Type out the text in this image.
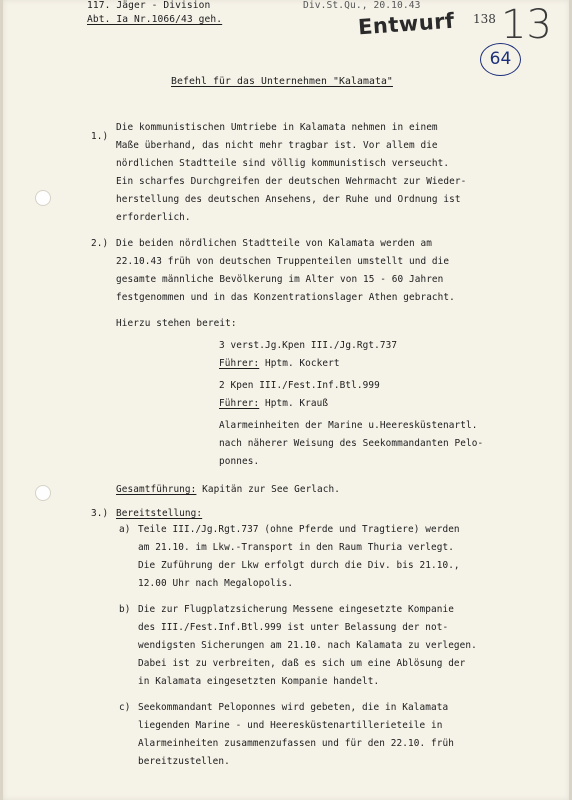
117. Jäger - Division
Abt. Ia Nr.1066/43 geh.
Div.St.Qu., 20.10.43
Entwurf 138 13
64
Befehl für das Unternehmen "Kalamata"
1.)
Die kommunistischen Umtriebe in Kalamata nehmen in einem
Maße überhand, das nicht mehr tragbar ist. Vor allem die
nördlichen Stadtteile sind völlig kommunistisch verseucht.
Ein scharfes Durchgreifen der deutschen Wehrmacht zur Wieder-
herstellung des deutschen Ansehens, der Ruhe und Ordnung ist
erforderlich.
2.) Die beiden nördlichen Stadtteile von Kalamata werden am
22.10.43 früh von deutschen Truppenteilen umstellt und die
gesamte männliche Bevölkerung im Alter von 15 - 60 Jahren
festgenommen und in das Konzentrationslager Athen gebracht.
Hierzu stehen bereit:
3 verst.Jg.Kpen III./Jg.Rgt.737
Führer: Hptm. Kockert
2 Kpen III./Fest.Inf.Btl.999
Führer: Hptm. Krauß
Alarmeinheiten der Marine u.Heeresküstenartl.
nach näherer Weisung des Seekommandanten Pelo-
ponnes.
Gesamtführung: Kapitän zur See Gerlach.
3.) Bereitstellung:
a) Teile III./Jg.Rgt.737 (ohne Pferde und Tragtiere) werden
am 21.10. im Lkw.-Transport in den Raum Thuria verlegt.
Die Zuführung der Lkw erfolgt durch die Div. bis 21.10.,
12.00 Uhr nach Megalopolis.
b) Die zur Flugplatzsicherung Messene eingesetzte Kompanie
des III./Fest.Inf.Btl.999 ist unter Belassung der not-
wendigsten Sicherungen am 21.10. nach Kalamata zu verlegen.
Dabei ist zu verbreiten, daß es sich um eine Ablösung der
in Kalamata eingesetzten Kompanie handelt.
c) Seekommandant Peloponnes wird gebeten, die in Kalamata
liegenden Marine - und Heeresküstenartillerieteile in
Alarmeinheiten zusammenzufassen und für den 22.10. früh
bereitzustellen.
